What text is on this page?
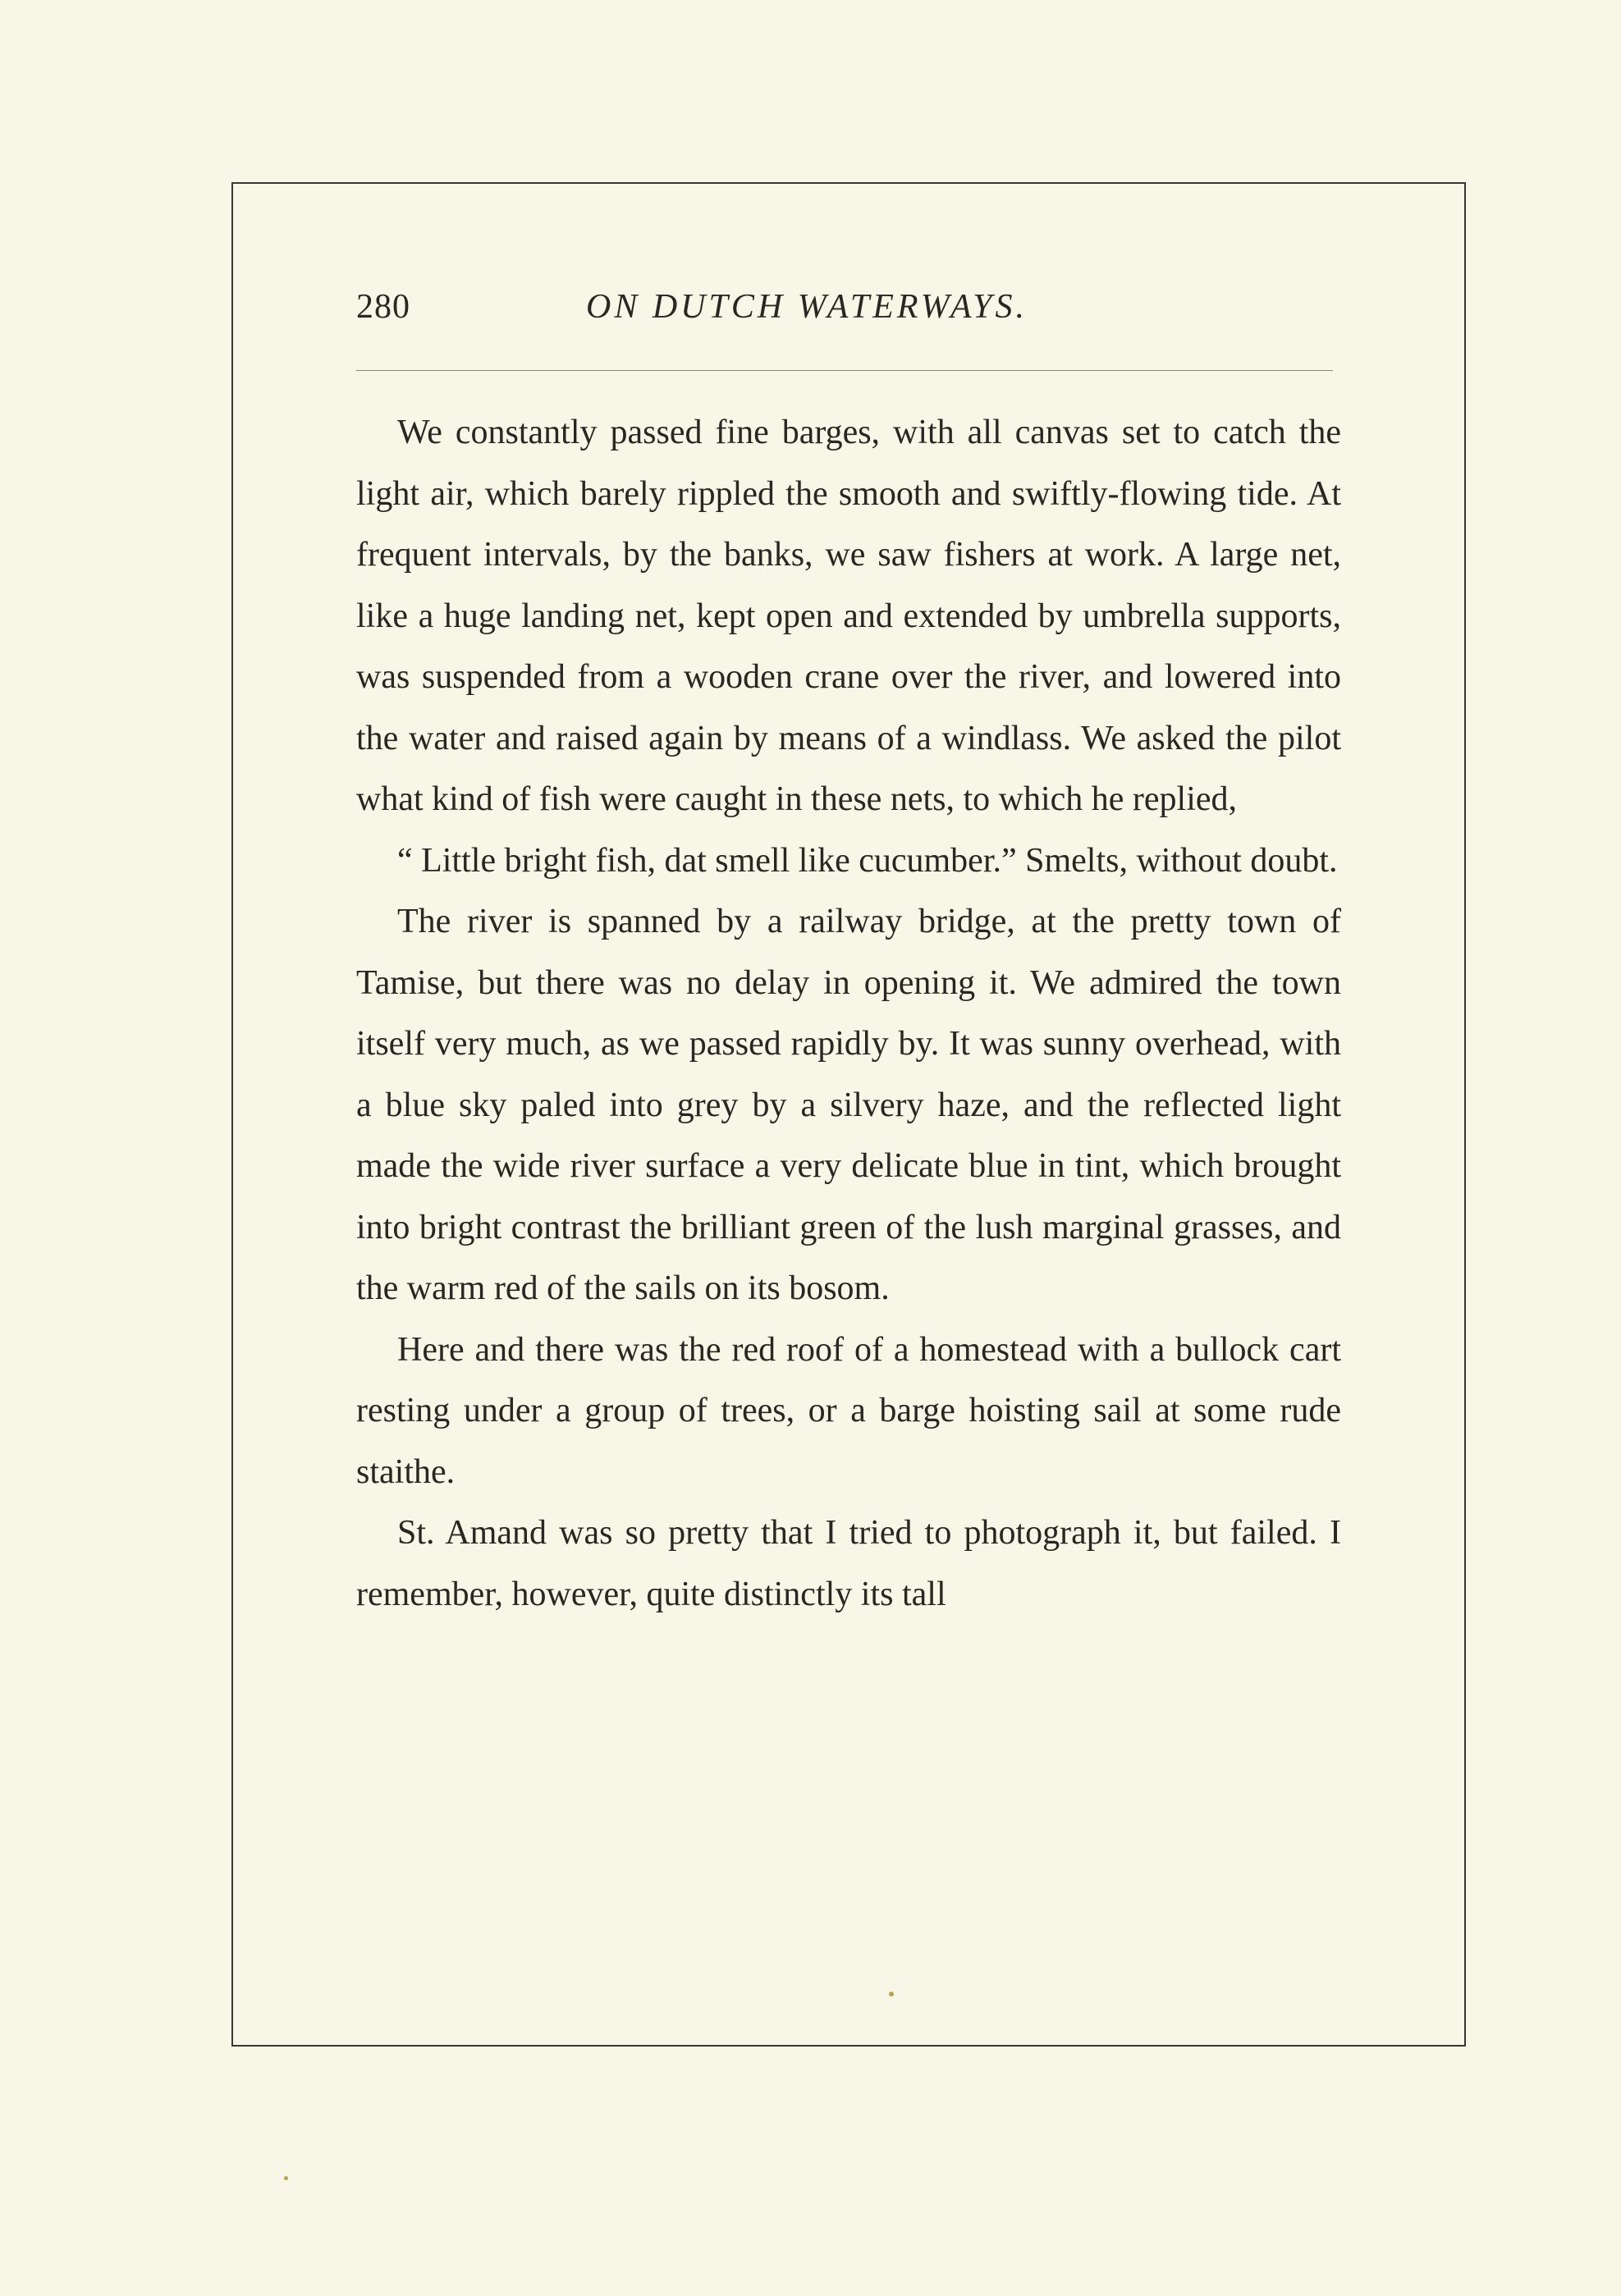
280	ON DUTCH WATERWAYS.

We constantly passed fine barges, with all canvas set to catch the light air, which barely rippled the smooth and swiftly-flowing tide. At frequent intervals, by the banks, we saw fishers at work. A large net, like a huge landing net, kept open and extended by umbrella supports, was suspended from a wooden crane over the river, and lowered into the water and raised again by means of a windlass. We asked the pilot what kind of fish were caught in these nets, to which he replied,

“ Little bright fish, dat smell like cucumber.” Smelts, without doubt.

The river is spanned by a railway bridge, at the pretty town of Tamise, but there was no delay in opening it. We admired the town itself very much, as we passed rapidly by. It was sunny overhead, with a blue sky paled into grey by a silvery haze, and the reflected light made the wide river surface a very delicate blue in tint, which brought into bright contrast the brilliant green of the lush marginal grasses, and the warm red of the sails on its bosom.

Here and there was the red roof of a homestead with a bullock cart resting under a group of trees, or a barge hoisting sail at some rude staithe.

St. Amand was so pretty that I tried to photograph it, but failed. I remember, however, quite distinctly its tall
